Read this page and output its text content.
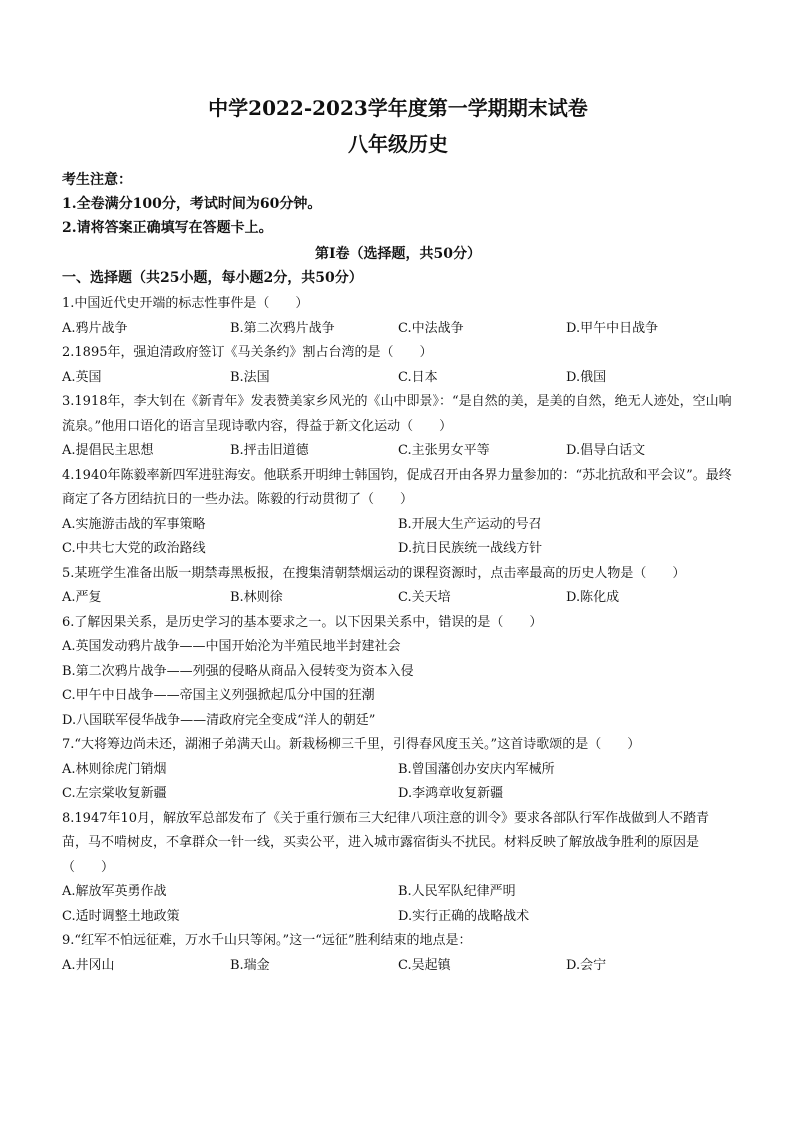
中学2022-2023学年度第一学期期末试卷
八年级历史

考生注意：

1.全卷满分100分，考试时间为60分钟。

2.请将答案正确填写在答题卡上。

第Ⅰ卷（选择题，共50分）

一、选择题（共25小题，每小题2分，共50分）

1.中国近代史开端的标志性事件是（　　）

A.鸦片战争	B.第二次鸦片战争	C.中法战争	D.甲午中日战争

2.1895年，强迫清政府签订《马关条约》割占台湾的是（　　）

A.英国	B.法国	C.日本	D.俄国

3.1918年，李大钊在《新青年》发表赞美家乡风光的《山中即景》：“是自然的美，是美的自然，绝无人迹处，空山响流泉。”他用口语化的语言呈现诗歌内容，得益于新文化运动（　　）

A.提倡民主思想	B.抨击旧道德	C.主张男女平等	D.倡导白话文

4.1940年陈毅率新四军进驻海安。他联系开明绅士韩国钧，促成召开由各界力量参加的：“苏北抗敌和平会议”。最终商定了各方团结抗日的一些办法。陈毅的行动贯彻了（　　）

A.实施游击战的军事策略	B.开展大生产运动的号召
C.中共七大党的政治路线	D.抗日民族统一战线方针

5.某班学生准备出版一期禁毒黑板报，在搜集清朝禁烟运动的课程资源时，点击率最高的历史人物是（　　）

A.严复	B.林则徐	C.关天培	D.陈化成

6.了解因果关系，是历史学习的基本要求之一。以下因果关系中，错误的是（　　）

A.英国发动鸦片战争——中国开始沦为半殖民地半封建社会

B.第二次鸦片战争——列强的侵略从商品入侵转变为资本入侵

C.甲午中日战争——帝国主义列强掀起瓜分中国的狂潮

D.八国联军侵华战争——清政府完全变成“洋人的朝廷”

7.“大将筹边尚未还，湖湘子弟满天山。新栽杨柳三千里，引得春风度玉关。”这首诗歌颂的是（　　）

A.林则徐虎门销烟	B.曾国藩创办安庆内军械所
C.左宗棠收复新疆	D.李鸿章收复新疆

8.1947年10月，解放军总部发布了《关于重行颁布三大纪律八项注意的训令》要求各部队行军作战做到人不踏青苗，马不啃树皮，不拿群众一针一线，买卖公平，进入城市露宿街头不扰民。材料反映了解放战争胜利的原因是（　　）

A.解放军英勇作战	B.人民军队纪律严明
C.适时调整土地政策	D.实行正确的战略战术

9.“红军不怕远征难，万水千山只等闲。”这一“远征”胜利结束的地点是：

A.井冈山	B.瑞金	C.吴起镇	D.会宁
